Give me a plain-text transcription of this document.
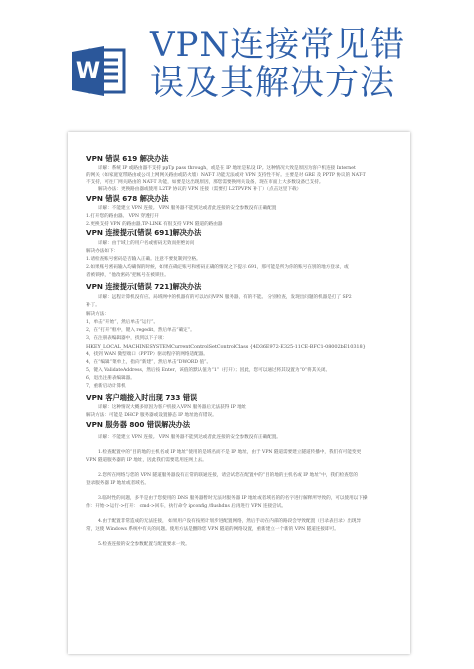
W
VPN连接常见错
误及其解决方法
VPN 错误 619 解决办法
详解：系统 IP 或路由器不支持 ppTp pass through，或是在 IP 地址是私设 IP。这种情况大致是原因为客户机连接 Internet
的网关（如家庭宽带路由或公司上网网关路由或防火墙）NAT-T 功能无法或对 VPN 支持性不好。主要是对 GRE 及 PPTP 协议的 NAT-T
不支持，可往厂网关路由的 NAT-T 功能，如要是这出现原因，那您需要换网关设备，现在市面上大多数设备已支持。
解决办法：更换路由器或使用 L2TP 协议的 VPN 连接（需要打 L2TPVPN 补丁）（点击这里下载）
VPN 错误 678 解决办法
详解：不能建立 VPN 连接。 VPN 服务器不能到达或者此连接的安全参数没有正确配置
1.打开您的路由器。 VPN 穿透打开
2.更换支持 VPN 的路由器,TP-LINK 有很支持 VPN 隧道的路由器
VPN 连接提示[错误 691]解决办法
详解：由于域上的用户名或密码无效而拒绝访问
解决办法如下：
1.请检查账号密码是否输入正确。注意不要复制到空格。
2.如果账号密码输入均确保的时候，如果在确定账号和密码正确的情况之下提示 691，那可能是所为你的账号在别的地方登录，或
者被锁掉，“他改密码”把帐号在被锁住。
VPN 连接提示[错误 721]解决办法
详解：远程计算机没有应。局域网中的机器有的可以访问VPN 服务器，有的不能。 分别检查，发现出问题的机器是打了 SP2
补丁。
解决方法：
1，单击“开始”，然后单击“运行”。
2，在“打开”框中，键入 regedit，然后单击“确定”。
3，在注册表编辑器中，找到以下子项：
HKEY_LOCAL_MACHINESYSTEMCurrentControlSetControlClass {4D36E972-E325-11CE-BFC1-08002bE10318}
4，找到 WAN 微型端口（PPTP）驱动程序的网络适配器。
4，在“编辑”菜单上，指向“新建”，然后单击“DWORD 值”。
5，键入 ValidateAddress，然后按 Enter，该值的默认值为“1”（打开）；因此，您可以通过将其设置为“0”将其关闭。
6，退出注册表编辑器。
7，重新启动计算机
VPN 客户端接入时出现 733 错误
详解：这种情况大概多原因为客户机接入VPN 服务器后无法获得 IP 地址
解决方法：可能是 DHCP 服务器或设置静态 IP 地址池有错误。
VPN 服务器 800 错误解决办法
详解：不能建立 VPN 连接。 VPN 服务器不能到达或者此连接的安全参数没有正确配置。
1.检查配置中的“目的地的主机名或 IP 地址”使用的是域名而不是 IP 地址，由于 VPN 隧道需要建立隧道传播中，我们有可能变更
VPN 隧道服务器的 IP 地址，因此我们需要选用连网上去。
2.您所在网络与您的 VPN 隧道服务器没有正常的联通连接，请尝试您在配置中的“目的地的主机名或 IP 地址”中，我们检查您的
登录服务器 IP 地址或者域名。
3.临时性的问题，多半是由于您使用的 DNS 服务器暂时无法对服务器 IP 地址或者域名的的名字进行解释所导致的，可以使用以下操
作：开始->运行->打开： cmd->回车，执行命令 ipconfig /flushdns 后再进行 VPN 连接尝试。
4.由于配置非常造成的无法连接， 如果用户没有按照计划步进配置网络，然后手动在内部的路段会导致配置（目录表目录）出现异
常，这使 Windows 系统中有关的问题。使用方法是删除您 VPN 隧道的网络设置，重新建立一个新的 VPN 隧道连接即可。
5.检查连接的安全参数配置与配置要求一致。
